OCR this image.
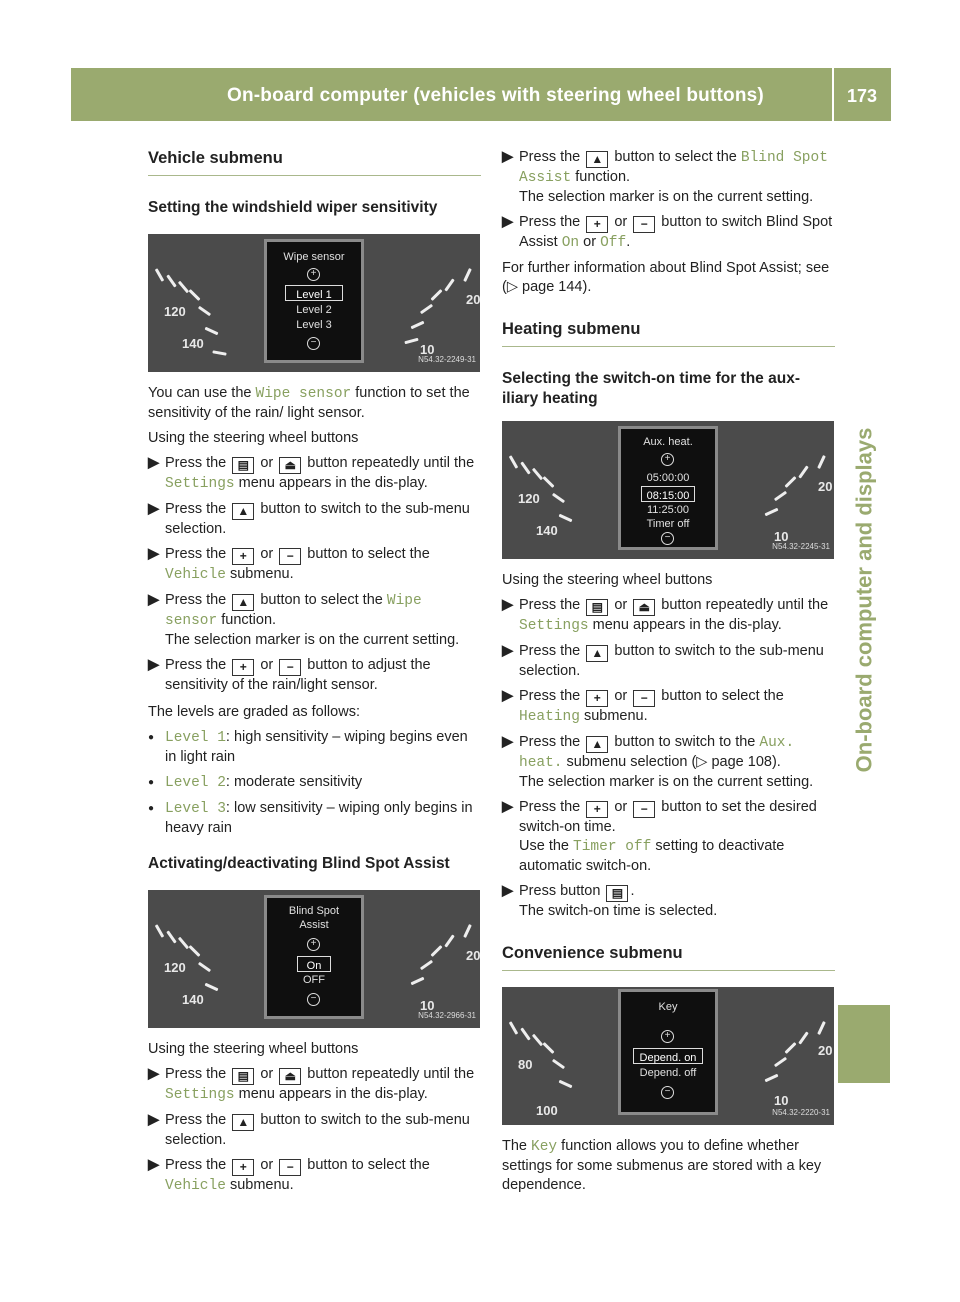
On-board computer (vehicles with steering wheel buttons)	173
On-board computer and displays
Vehicle submenu
Setting the windshield wiper sensitivity
120
140
Wipe sensor
+
Level 1
Level 2
Level 3
−
20
10
N54.32-2249-31

You can use the Wipe sensor function to set the sensitivity of the rain/ light sensor.

Using the steering wheel buttons

▶ Press the ▤ or ⏏ button repeatedly until the Settings menu appears in the dis-play.
▶ Press the ▲ button to switch to the sub-menu selection.
▶ Press the + or − button to select the Vehicle submenu.
▶ Press the ▲ button to select the Wipe sensor function.
The selection marker is on the current setting.
▶ Press the + or − button to adjust the sensitivity of the rain/light sensor.

The levels are graded as follows:

● Level 1: high sensitivity – wiping begins even in light rain
● Level 2: moderate sensitivity
● Level 3: low sensitivity – wiping only begins in heavy rain
Activating/deactivating Blind Spot Assist
120
140
Blind Spot
Assist
+
On
OFF
−
20
10
N54.32-2966-31

Using the steering wheel buttons

▶ Press the ▤ or ⏏ button repeatedly until the Settings menu appears in the dis-play.
▶ Press the ▲ button to switch to the sub-menu selection.
▶ Press the + or − button to select the Vehicle submenu.
▶ Press the ▲ button to select the Blind Spot Assist function.
The selection marker is on the current setting.
▶ Press the + or − button to switch Blind Spot Assist On or Off.

For further information about Blind Spot Assist; see (▷ page 144).

Heating submenu
Selecting the switch-on time for the aux-iliary heating
120
140
Aux. heat.
+
05:00:00
08:15:00
11:25:00
Timer off
−
20
10
N54.32-2245-31

Using the steering wheel buttons

▶ Press the ▤ or ⏏ button repeatedly until the Settings menu appears in the dis-play.
▶ Press the ▲ button to switch to the sub-menu selection.
▶ Press the + or − button to select the Heating submenu.
▶ Press the ▲ button to switch to the Aux. heat. submenu selection (▷ page 108).
The selection marker is on the current setting.
▶ Press the + or − button to set the desired switch-on time.
Use the Timer off setting to deactivate automatic switch-on.
▶ Press button ▤ .
The switch-on time is selected.
Convenience submenu
80
100
Key
+
Depend. on
Depend. off
−
20
10
N54.32-2220-31

The Key function allows you to define whether settings for some submenus are stored with a key dependence.
